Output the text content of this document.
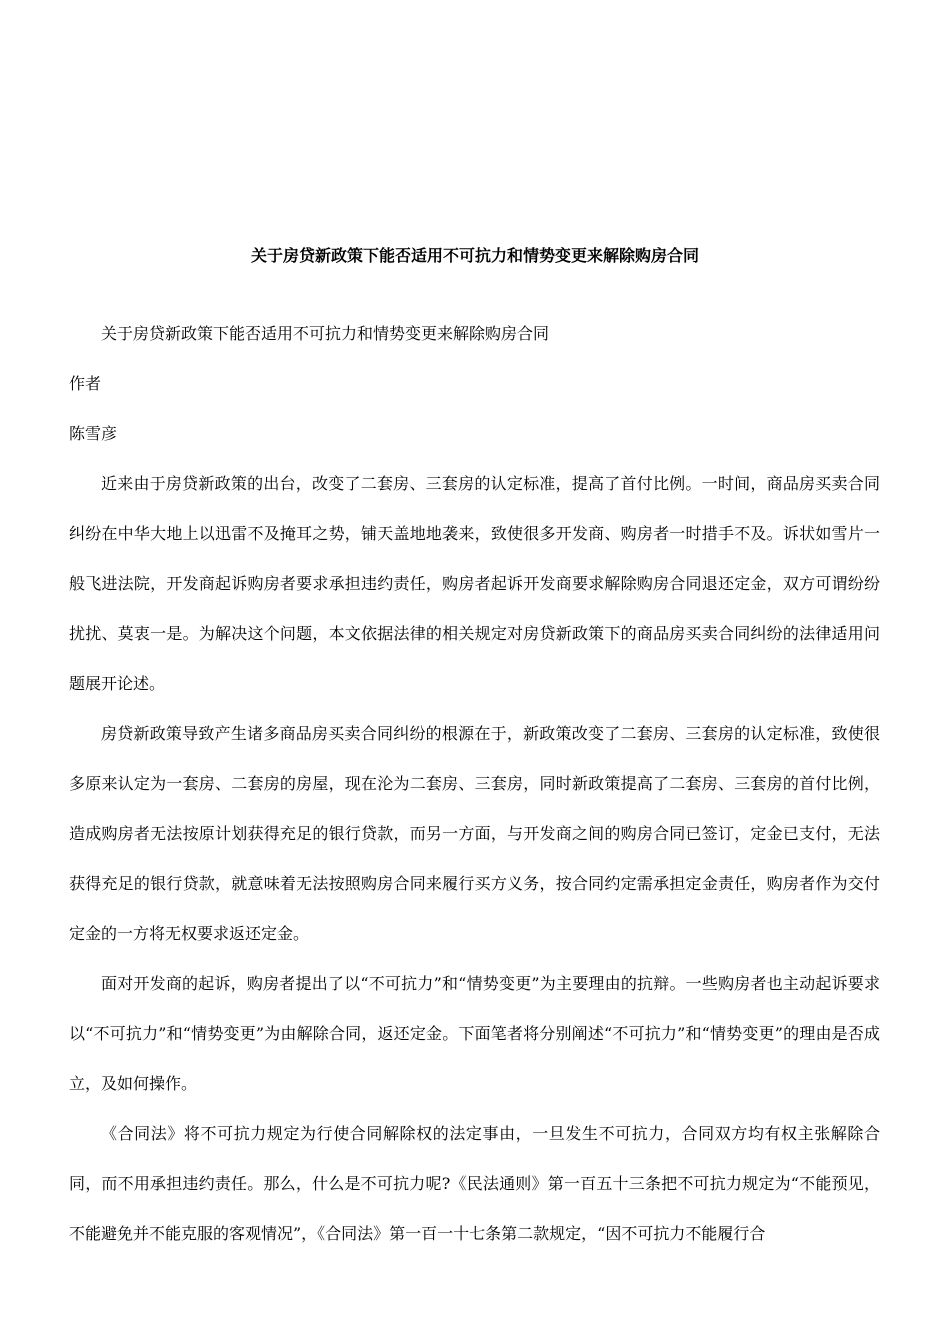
关于房贷新政策下能否适用不可抗力和情势变更来解除购房合同

关于房贷新政策下能否适用不可抗力和情势变更来解除购房合同

作者

陈雪彦

近来由于房贷新政策的出台，改变了二套房、三套房的认定标准，提高了首付比例。一时间，商品房买卖合同纠纷在中华大地上以迅雷不及掩耳之势，铺天盖地地袭来，致使很多开发商、购房者一时措手不及。诉状如雪片一般飞进法院，开发商起诉购房者要求承担违约责任，购房者起诉开发商要求解除购房合同退还定金，双方可谓纷纷扰扰、莫衷一是。为解决这个问题，本文依据法律的相关规定对房贷新政策下的商品房买卖合同纠纷的法律适用问题展开论述。

房贷新政策导致产生诸多商品房买卖合同纠纷的根源在于，新政策改变了二套房、三套房的认定标准，致使很多原来认定为一套房、二套房的房屋，现在沦为二套房、三套房，同时新政策提高了二套房、三套房的首付比例，造成购房者无法按原计划获得充足的银行贷款，而另一方面，与开发商之间的购房合同已签订，定金已支付，无法获得充足的银行贷款，就意味着无法按照购房合同来履行买方义务，按合同约定需承担定金责任，购房者作为交付定金的一方将无权要求返还定金。

面对开发商的起诉，购房者提出了以“不可抗力”和“情势变更”为主要理由的抗辩。一些购房者也主动起诉要求以“不可抗力”和“情势变更”为由解除合同，返还定金。下面笔者将分别阐述“不可抗力”和“情势变更”的理由是否成立，及如何操作。

《合同法》将不可抗力规定为行使合同解除权的法定事由，一旦发生不可抗力，合同双方均有权主张解除合同，而不用承担违约责任。那么，什么是不可抗力呢?《民法通则》第一百五十三条把不可抗力规定为“不能预见，不能避免并不能克服的客观情况”，《合同法》第一百一十七条第二款规定，“因不可抗力不能履行合
